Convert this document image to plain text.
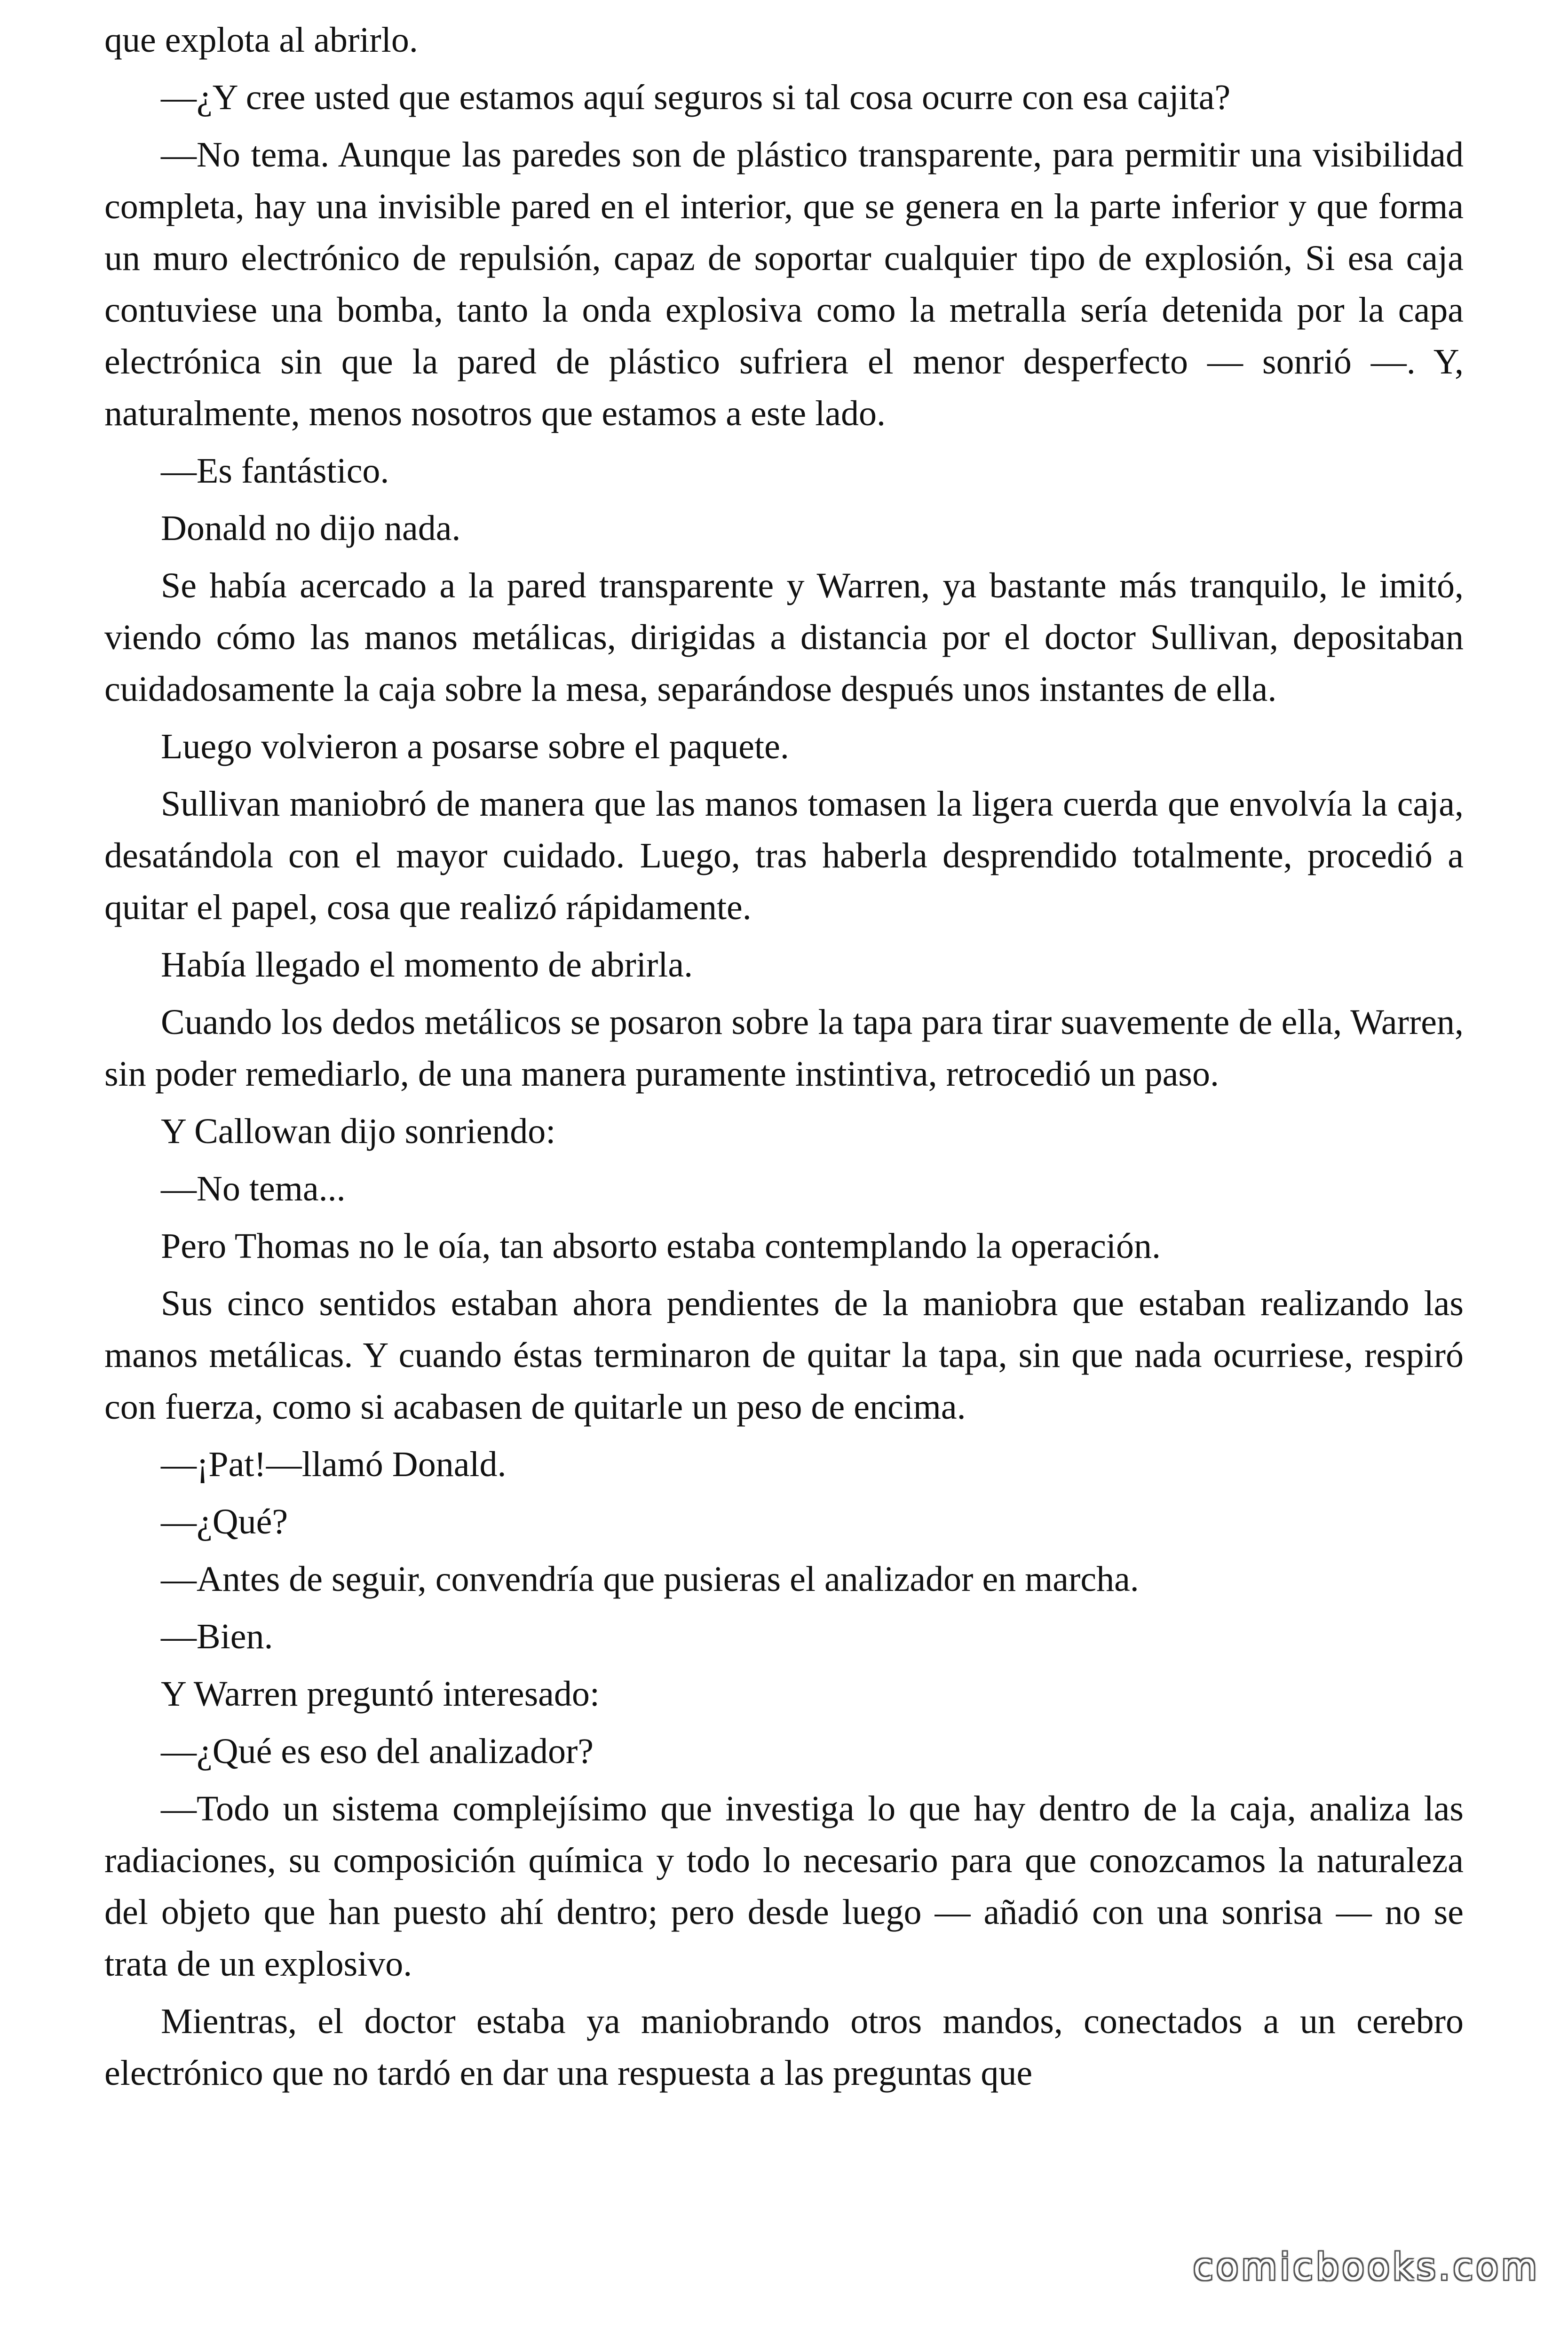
que explota al abrirlo.

—¿Y cree usted que estamos aquí seguros si tal cosa ocurre con esa cajita?

—No tema. Aunque las paredes son de plástico transparente, para permitir una visibilidad completa, hay una invisible pared en el interior, que se genera en la parte inferior y que forma un muro electrónico de repulsión, capaz de soportar cualquier tipo de explosión, Si esa caja contuviese una bomba, tanto la onda explosiva como la metralla sería detenida por la capa electrónica sin que la pared de plástico sufriera el menor desperfecto — sonrió —. Y, naturalmente, menos nosotros que estamos a este lado.

—Es fantástico.

Donald no dijo nada.

Se había acercado a la pared transparente y Warren, ya bastante más tranquilo, le imitó, viendo cómo las manos metálicas, dirigidas a distancia por el doctor Sullivan, depositaban cuidadosamente la caja sobre la mesa, separándose después unos instantes de ella.

Luego volvieron a posarse sobre el paquete.

Sullivan maniobró de manera que las manos tomasen la ligera cuerda que envolvía la caja, desatándola con el mayor cuidado. Luego, tras haberla desprendido totalmente, procedió a quitar el papel, cosa que realizó rápidamente.

Había llegado el momento de abrirla.

Cuando los dedos metálicos se posaron sobre la tapa para tirar suavemente de ella, Warren, sin poder remediarlo, de una manera puramente instintiva, retrocedió un paso.

Y Callowan dijo sonriendo:

—No tema...

Pero Thomas no le oía, tan absorto estaba contemplando la operación.

Sus cinco sentidos estaban ahora pendientes de la maniobra que estaban realizando las manos metálicas. Y cuando éstas terminaron de quitar la tapa, sin que nada ocurriese, respiró con fuerza, como si acabasen de quitarle un peso de encima.

—¡Pat!—llamó Donald.

—¿Qué?

—Antes de seguir, convendría que pusieras el analizador en marcha.

—Bien.

Y Warren preguntó interesado:

—¿Qué es eso del analizador?

—Todo un sistema complejísimo que investiga lo que hay dentro de la caja, analiza las radiaciones, su composición química y todo lo necesario para que conozcamos la naturaleza del objeto que han puesto ahí dentro; pero desde luego — añadió con una sonrisa — no se trata de un explosivo.

Mientras, el doctor estaba ya maniobrando otros mandos, conectados a un cerebro electrónico que no tardó en dar una respuesta a las preguntas que

comicbooks.com
